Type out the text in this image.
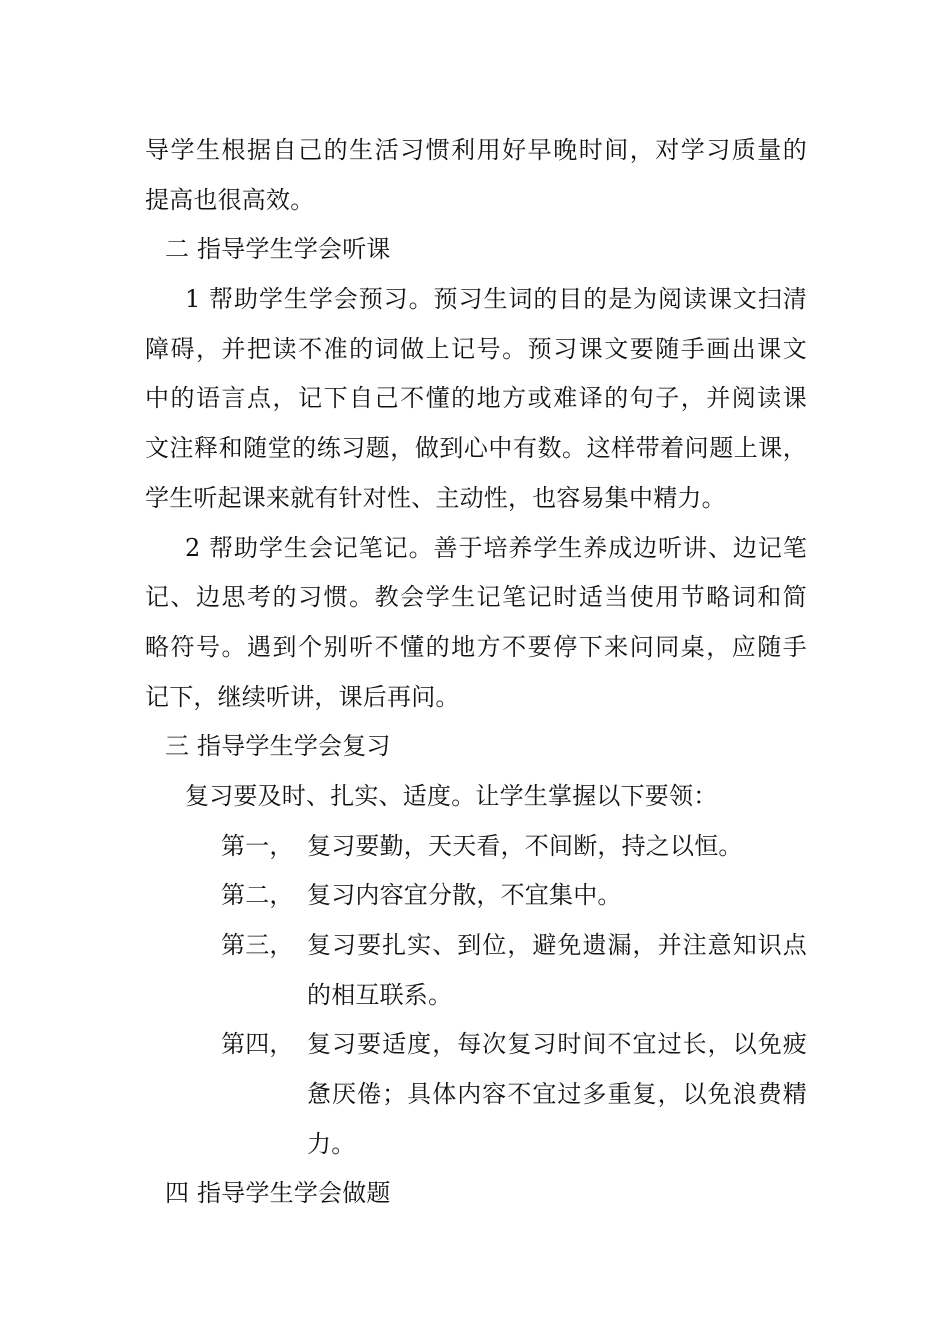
导学生根据自己的生活习惯利用好早晚时间，对学习质量的
提高也很高效。
二 指导学生学会听课
1 帮助学生学会预习。预习生词的目的是为阅读课文扫清
障碍，并把读不准的词做上记号。预习课文要随手画出课文
中的语言点，记下自己不懂的地方或难译的句子，并阅读课
文注释和随堂的练习题，做到心中有数。这样带着问题上课，
学生听起课来就有针对性、主动性，也容易集中精力。
2 帮助学生会记笔记。善于培养学生养成边听讲、边记笔
记、边思考的习惯。教会学生记笔记时适当使用节略词和简
略符号。遇到个别听不懂的地方不要停下来问同桌，应随手
记下，继续听讲，课后再问。
三 指导学生学会复习
复习要及时、扎实、适度。让学生掌握以下要领：
第一， 复习要勤，天天看，不间断，持之以恒。
第二， 复习内容宜分散，不宜集中。
第三， 复习要扎实、到位，避免遗漏，并注意知识点
的相互联系。
第四， 复习要适度，每次复习时间不宜过长，以免疲
惫厌倦；具体内容不宜过多重复，以免浪费精
力。
四 指导学生学会做题
